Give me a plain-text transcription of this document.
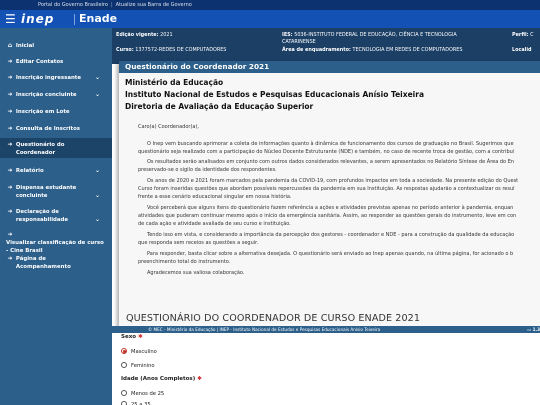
Portal do Governo Brasileiro | Atualize sua Barra de Governo
☰ inep Enade
⌂ Inicial
➜ Editar Contatos
➜ Inscrição ingressante ⌄
➜ Inscrição concluinte	⌄
➜ Inscrição em Lote
➜ Consulta de Inscritos
➜ Questionário do Coordenador
➜ Relatório	⌄
➜ Dispensa estudante concluinte	⌄
➜ Declaração de responsabilidade	⌄
➜ Visualizar classificação de curso - Cine Brasil
➜ Página de Acompanhamento
Edição vigente: 2021
Curso: 1377572-REDES DE COMPUTADORES
IES: 5036-INSTITUTO FEDERAL DE EDUCAÇÃO, CIÊNCIA E TECNOLOGIA
CATARINENSE
Área de enquadramento: TECNOLOGIA EM REDES DE COMPUTADORES
Perfil: C
Localid
Questionário do Coordenador 2021
Ministério da Educação
Instituto Nacional de Estudos e Pesquisas Educacionais Anísio Teixeira
Diretoria de Avaliação da Educação Superior
Caro(a) Coordenador(a),
O Inep vem buscando aprimorar a coleta de informações quanto à dinâmica de funcionamento dos cursos de graduação no Brasil. Sugerimos que
questionário seja realizado com a participação do Núcleo Docente Estruturante (NDE) e também, no caso de recente troca de gestão, com a contribui
Os resultados serão analisados em conjunto com outros dados considerados relevantes, a serem apresentados no Relatório Síntese de Área do En
preservado-se o sigilo da identidade dos respondentes.
Os anos de 2020 e 2021 foram marcados pela pandemia da COVID-19, com profundos impactos em toda a sociedade. Na presente edição do Quest
Curso foram inseridas questões que abordam possíveis repercussões da pandemia em sua Instituição. As respostas ajudarão a contextualizar os resul
frente a esse cenário educacional singular em nossa história.
Você perceberá que alguns itens do questionário fazem referência a ações e atividades previstas apenas no período anterior à pandemia, enquan
atividades que puderam continuar mesmo após o início da emergência sanitária. Assim, ao responder as questões gerais do instrumento, leve em con
de cada ação e atividade avaliada de seu curso e instituição.
Tendo isso em vista, e considerando a importância da percepção dos gestores - coordenador e NDE - para a construção da qualidade da educação
que responda sem receios as questões a seguir.
Para responder, basta clicar sobre a alternativa desejada. O questionário será enviado ao Inep apenas quando, na última página, for acionado o b
preenchimento total do instrumento.
Agradecemos sua valiosa colaboração.
QUESTIONÁRIO DO COORDENADOR DE CURSO ENADE 2021
© MEC - Ministério da Educação | INEP - Instituto Nacional de Estudos e Pesquisas Educacionais Anísio Teixeira	▭ 1.3
Sexo ✱
Masculino
Feminino
Idade (Anos Completos) ✱
Menos de 25
25 a 35
